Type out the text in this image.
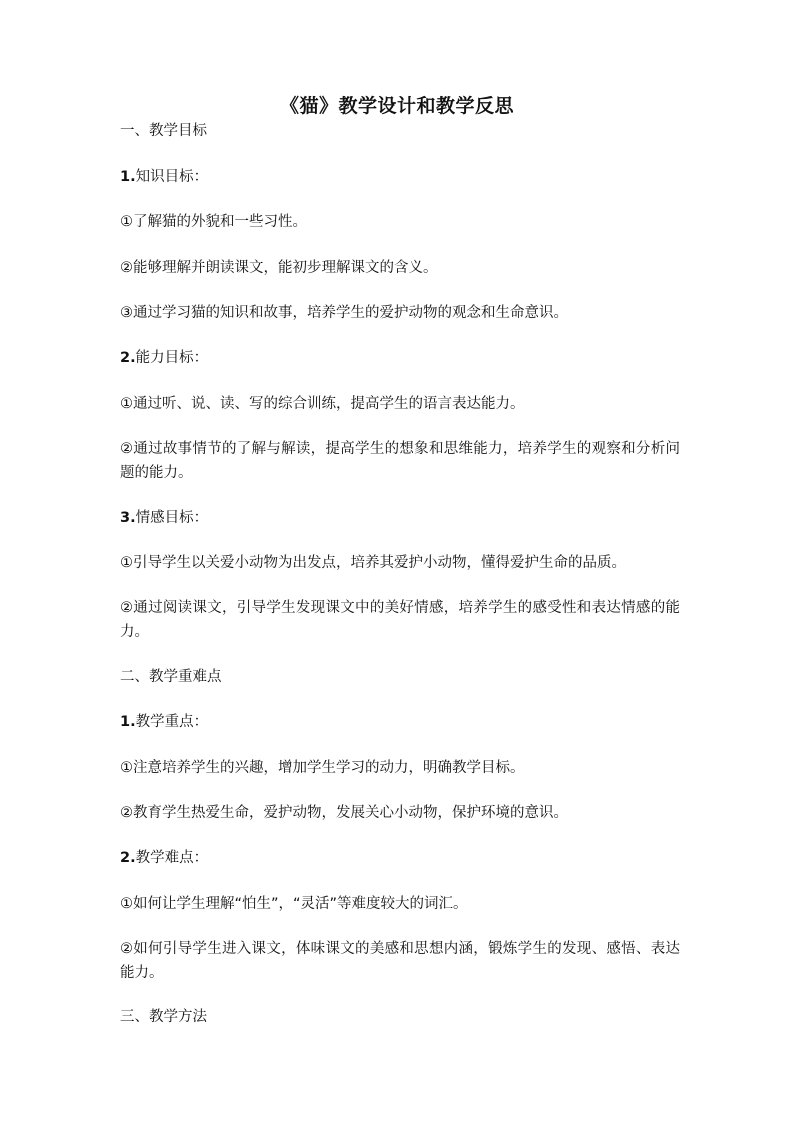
《猫》教学设计和教学反思

一、教学目标

1.知识目标：

①了解猫的外貌和一些习性。

②能够理解并朗读课文，能初步理解课文的含义。

③通过学习猫的知识和故事，培养学生的爱护动物的观念和生命意识。

2.能力目标：

①通过听、说、读、写的综合训练，提高学生的语言表达能力。

②通过故事情节的了解与解读，提高学生的想象和思维能力，培养学生的观察和分析问题的能力。

3.情感目标：

①引导学生以关爱小动物为出发点，培养其爱护小动物，懂得爱护生命的品质。

②通过阅读课文，引导学生发现课文中的美好情感，培养学生的感受性和表达情感的能力。

二、教学重难点

1.教学重点：

①注意培养学生的兴趣，增加学生学习的动力，明确教学目标。

②教育学生热爱生命，爱护动物，发展关心小动物，保护环境的意识。

2.教学难点：

①如何让学生理解“怕生”，“灵活”等难度较大的词汇。

②如何引导学生进入课文，体味课文的美感和思想内涵，锻炼学生的发现、感悟、表达能力。

三、教学方法
